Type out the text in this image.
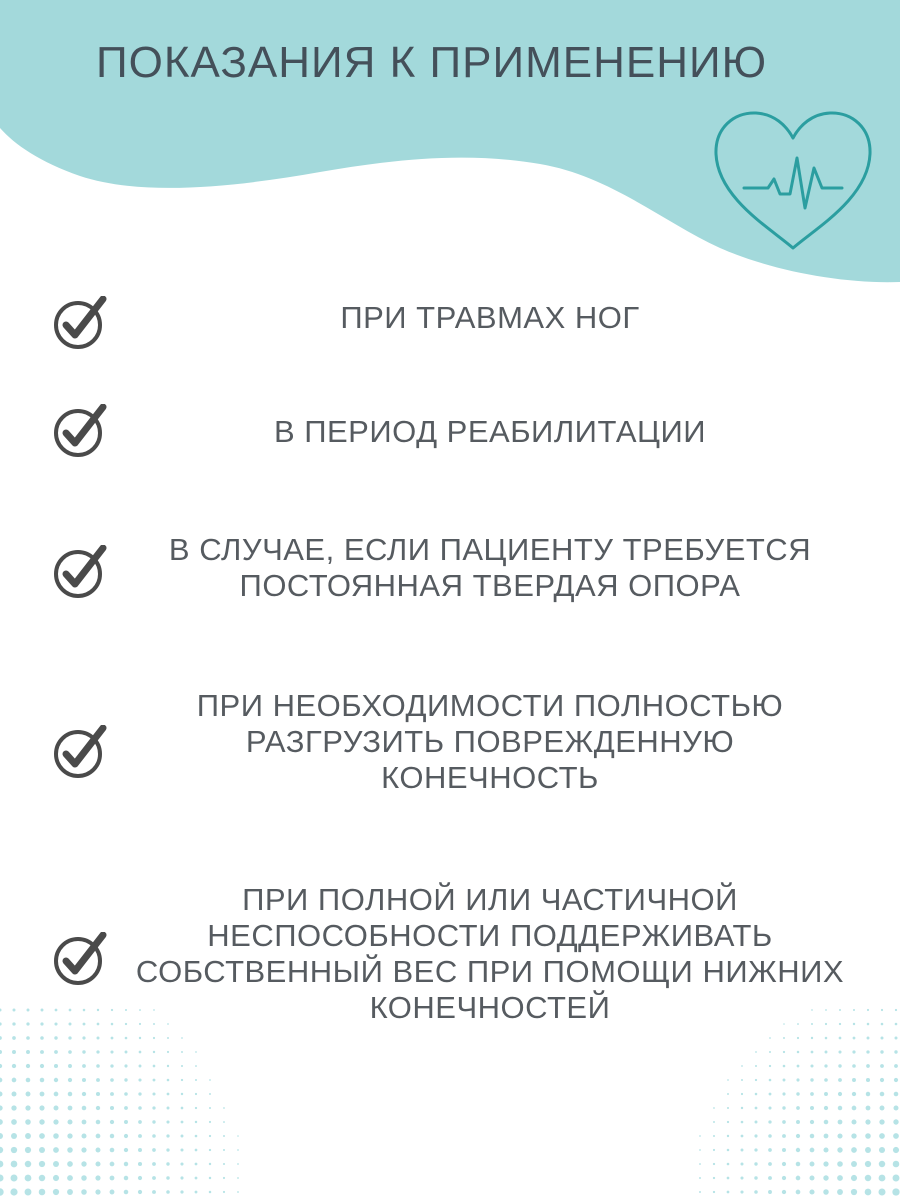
ПОКАЗАНИЯ К ПРИМЕНЕНИЮ
ПРИ ТРАВМАХ НОГ
В ПЕРИОД РЕАБИЛИТАЦИИ
В СЛУЧАЕ, ЕСЛИ ПАЦИЕНТУ ТРЕБУЕТСЯ
ПОСТОЯННАЯ ТВЕРДАЯ ОПОРА
ПРИ НЕОБХОДИМОСТИ ПОЛНОСТЬЮ
РАЗГРУЗИТЬ ПОВРЕЖДЕННУЮ
КОНЕЧНОСТЬ
ПРИ ПОЛНОЙ ИЛИ ЧАСТИЧНОЙ
НЕСПОСОБНОСТИ ПОДДЕРЖИВАТЬ
СОБСТВЕННЫЙ ВЕС ПРИ ПОМОЩИ НИЖНИХ
КОНЕЧНОСТЕЙ
